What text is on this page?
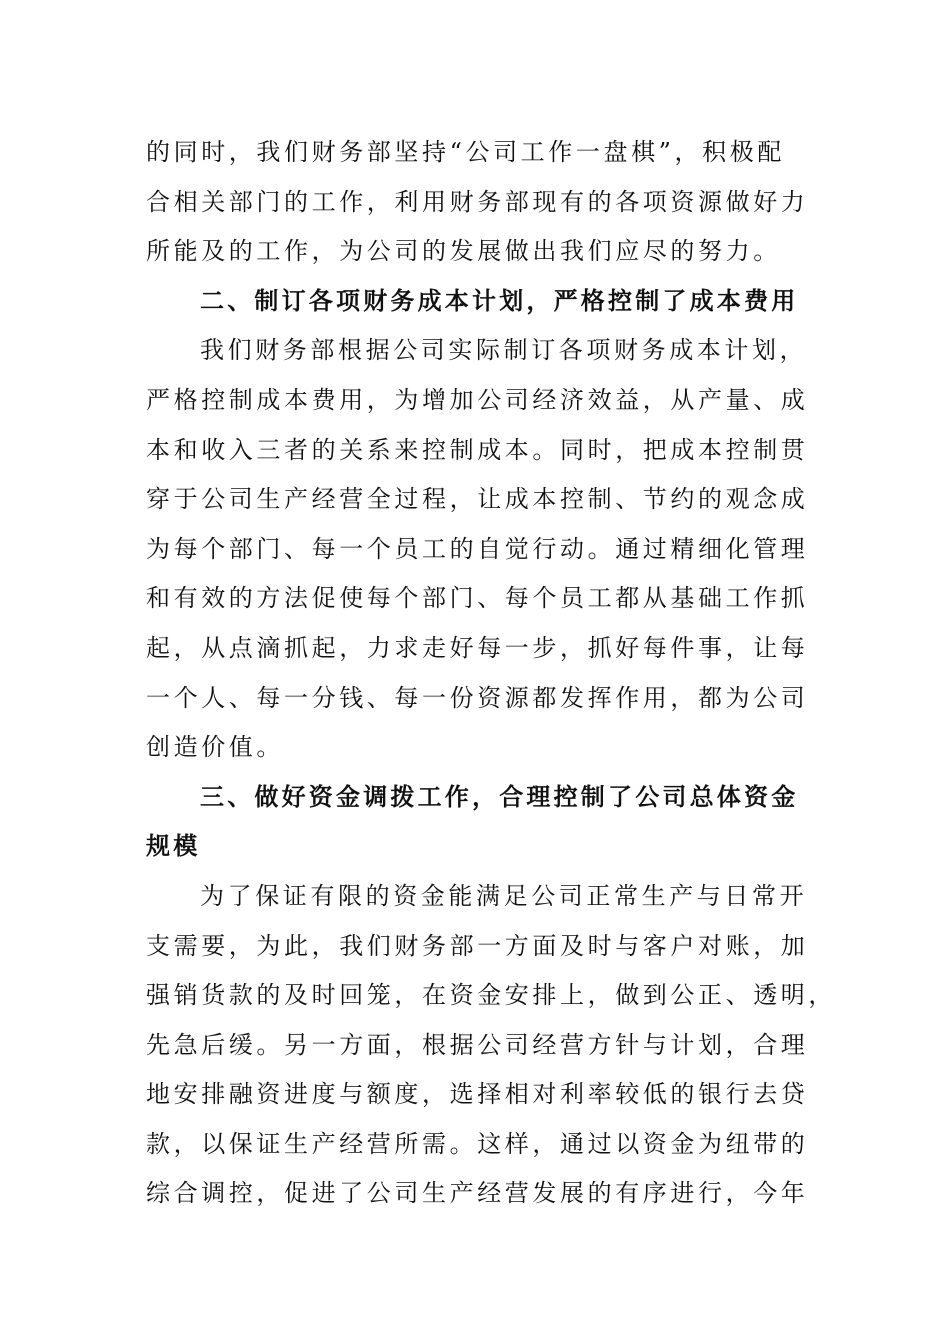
的同时，我们财务部坚持“公司工作一盘棋”，积极配
合相关部门的工作，利用财务部现有的各项资源做好力
所能及的工作，为公司的发展做出我们应尽的努力。
二、制订各项财务成本计划，严格控制了成本费用
我们财务部根据公司实际制订各项财务成本计划，
严格控制成本费用，为增加公司经济效益，从产量、成
本和收入三者的关系来控制成本。同时，把成本控制贯
穿于公司生产经营全过程，让成本控制、节约的观念成
为每个部门、每一个员工的自觉行动。通过精细化管理
和有效的方法促使每个部门、每个员工都从基础工作抓
起，从点滴抓起，力求走好每一步，抓好每件事，让每
一个人、每一分钱、每一份资源都发挥作用，都为公司
创造价值。
三、做好资金调拨工作，合理控制了公司总体资金
规模
为了保证有限的资金能满足公司正常生产与日常开
支需要，为此，我们财务部一方面及时与客户对账，加
强销货款的及时回笼，在资金安排上，做到公正、透明，
先急后缓。另一方面，根据公司经营方针与计划，合理
地安排融资进度与额度，选择相对利率较低的银行去贷
款，以保证生产经营所需。这样，通过以资金为纽带的
综合调控，促进了公司生产经营发展的有序进行，今年
